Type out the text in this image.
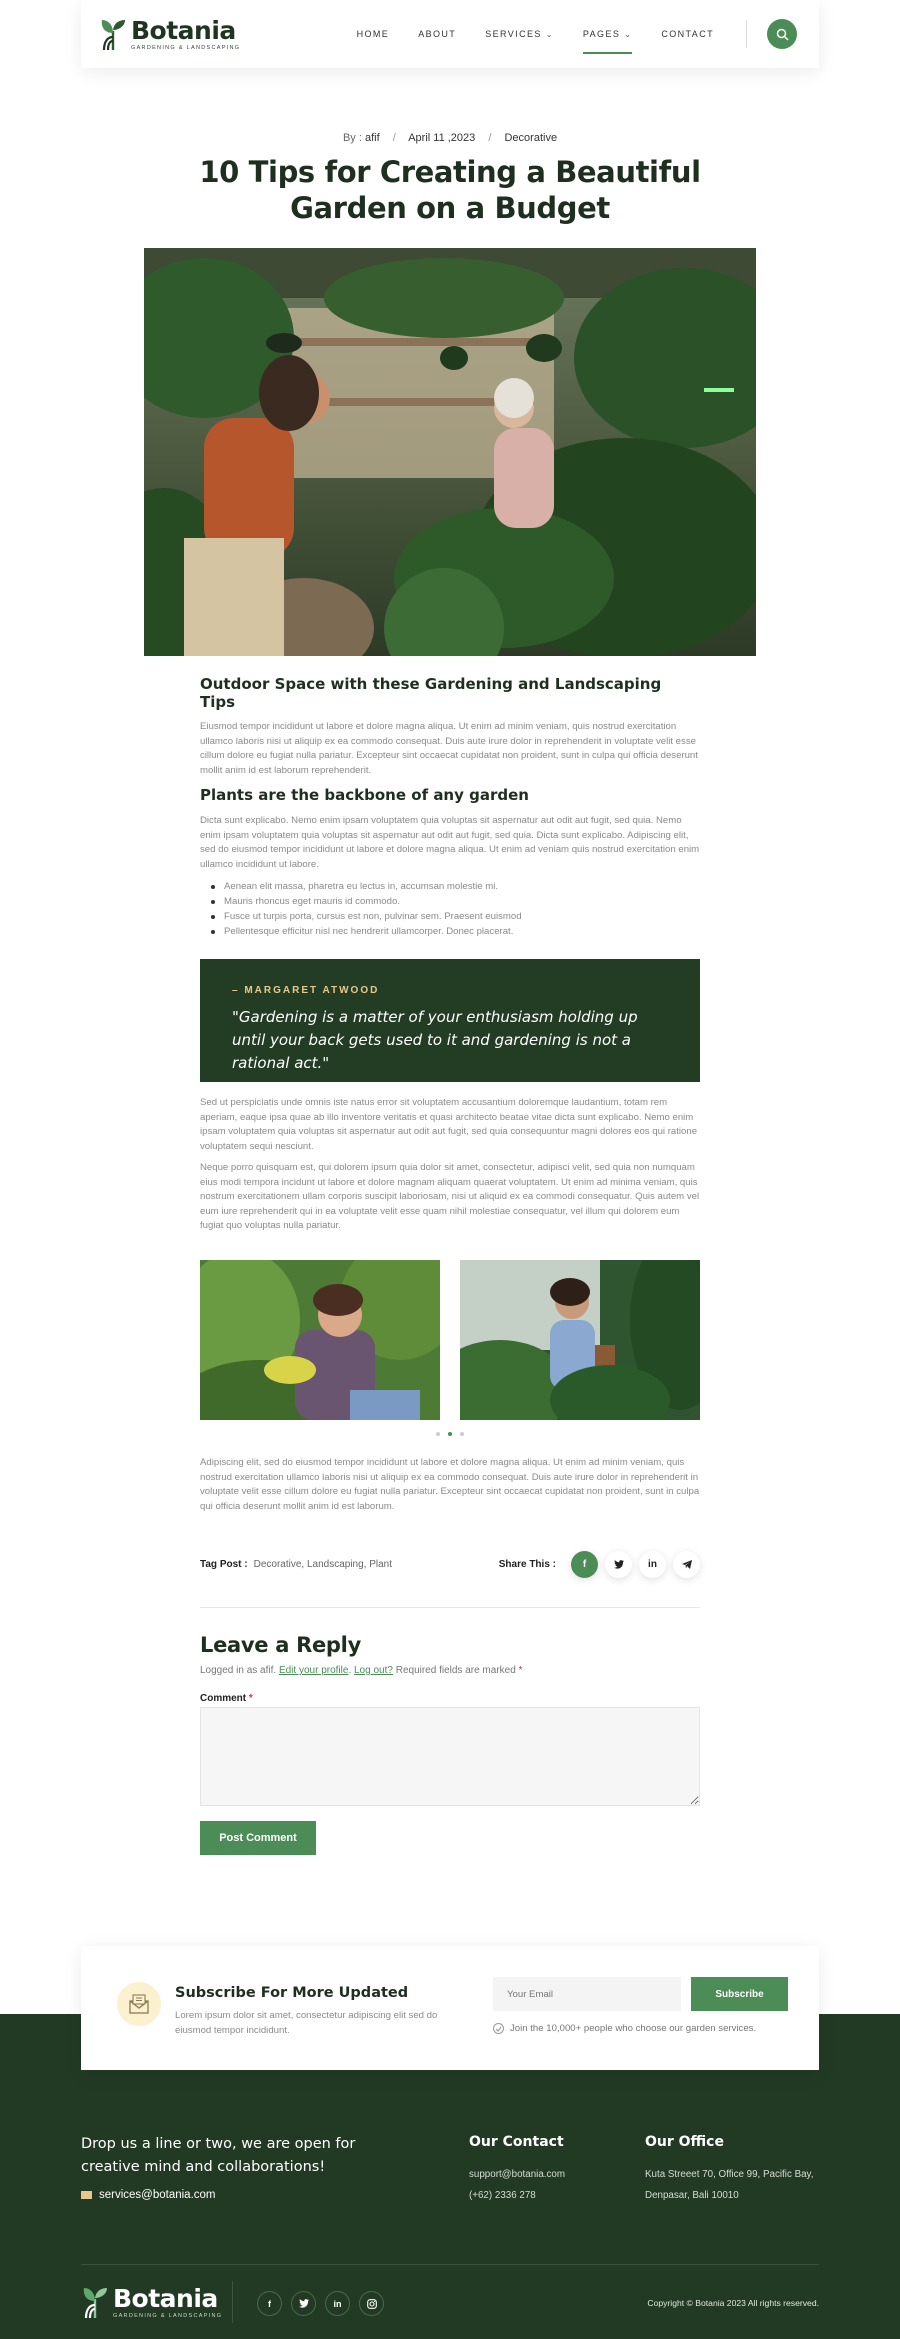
Botania
GARDENING & LANDSCAPING
HOME	ABOUT	SERVICES ⌄	PAGES ⌄	CONTACT
By : afif / April 11 ,2023 / Decorative
10 Tips for Creating a Beautiful Garden on a Budget
Outdoor Space with these Gardening and Landscaping Tips

Eiusmod tempor incididunt ut labore et dolore magna aliqua. Ut enim ad minim veniam, quis nostrud exercitation ullamco laboris nisi ut aliquip ex ea commodo consequat. Duis aute irure dolor in reprehenderit in voluptate velit esse cillum dolore eu fugiat nulla pariatur. Excepteur sint occaecat cupidatat non proident, sunt in culpa qui officia deserunt mollit anim id est laborum reprehenderit.

Plants are the backbone of any garden

Dicta sunt explicabo. Nemo enim ipsam voluptatem quia voluptas sit aspernatur aut odit aut fugit, sed quia. Nemo enim ipsam voluptatem quia voluptas sit aspernatur aut odit aut fugit, sed quia. Dicta sunt explicabo. Adipiscing elit, sed do eiusmod tempor incididunt ut labore et dolore magna aliqua. Ut enim ad veniam quis nostrud exercitation enim ullamco incididunt ut labore.

Aenean elit massa, pharetra eu lectus in, accumsan molestie mi.
Mauris rhoncus eget mauris id commodo.
Fusce ut turpis porta, cursus est non, pulvinar sem. Praesent euismod
Pellentesque efficitur nisl nec hendrerit ullamcorper. Donec placerat.
– MARGARET ATWOOD
"Gardening is a matter of your enthusiasm holding up until your back gets used to it and gardening is not a rational act."

Sed ut perspiciatis unde omnis iste natus error sit voluptatem accusantium doloremque laudantium, totam rem aperiam, eaque ipsa quae ab illo inventore veritatis et quasi architecto beatae vitae dicta sunt explicabo. Nemo enim ipsam voluptatem quia voluptas sit aspernatur aut odit aut fugit, sed quia consequuntur magni dolores eos qui ratione voluptatem sequi nesciunt.

Neque porro quisquam est, qui dolorem ipsum quia dolor sit amet, consectetur, adipisci velit, sed quia non numquam eius modi tempora incidunt ut labore et dolore magnam aliquam quaerat voluptatem. Ut enim ad minima veniam, quis nostrum exercitationem ullam corporis suscipit laboriosam, nisi ut aliquid ex ea commodi consequatur. Quis autem vel eum iure reprehenderit qui in ea voluptate velit esse quam nihil molestiae consequatur, vel illum qui dolorem eum fugiat quo voluptas nulla pariatur.

Adipiscing elit, sed do eiusmod tempor incididunt ut labore et dolore magna aliqua. Ut enim ad minim veniam, quis nostrud exercitation ullamco laboris nisi ut aliquip ex ea commodo consequat. Duis aute irure dolor in reprehenderit in voluptate velit esse cillum dolore eu fugiat nulla pariatur. Excepteur sint occaecat cupidatat non proident, sunt in culpa qui officia deserunt mollit anim id est laborum.

Tag Post : Decorative, Landscaping, Plant	Share This :	f	in
Leave a Reply
Logged in as afif. Edit your profile. Log out? Required fields are marked *
Comment *
Post Comment
Subscribe For More Updated
Lorem ipsum dolor sit amet, consectetur adipiscing elit sed do eiusmod tempor incididunt.
Your Email
Subscribe
Join the 10,000+ people who choose our garden services.
Drop us a line or two, we are open for creative mind and collaborations!
services@botania.com
Our Contact
support@botania.com
(+62) 2336 278
Our Office
Kuta Streeet 70, Office 99, Pacific Bay,
Denpasar, Bali 10010
Botania
GARDENING & LANDSCAPING
f	in	Copyright © Botania 2023 All rights reserved.
